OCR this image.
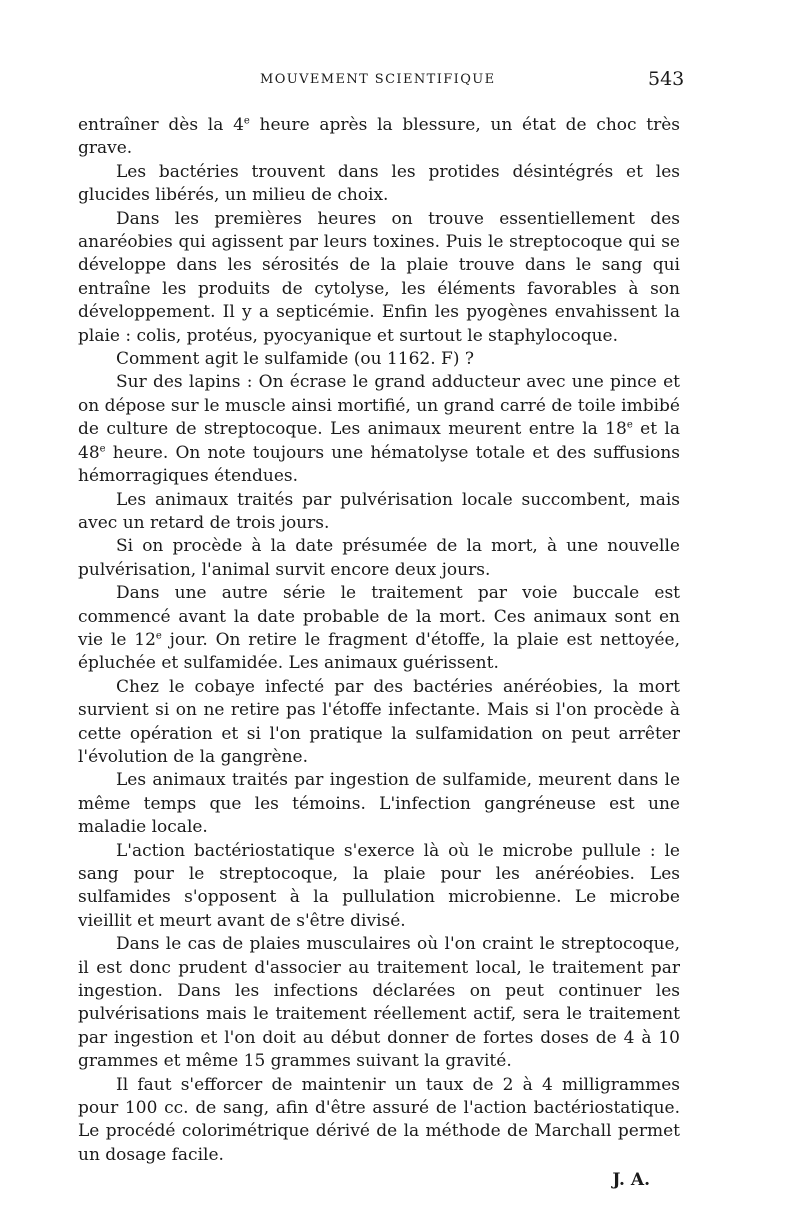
MOUVEMENT SCIENTIFIQUE	543

entraîner dès la 4e heure après la blessure, un état de choc très grave.

Les bactéries trouvent dans les protides désintégrés et les glucides libérés, un milieu de choix.

Dans les premières heures on trouve essentiellement des anaréobies qui agissent par leurs toxines. Puis le streptocoque qui se développe dans les sérosités de la plaie trouve dans le sang qui entraîne les produits de cytolyse, les éléments favorables à son développement. Il y a septicémie. Enfin les pyogènes envahissent la plaie : colis, protéus, pyocyanique et surtout le staphylocoque.

Comment agit le sulfamide (ou 1162. F) ?

Sur des lapins : On écrase le grand adducteur avec une pince et on dépose sur le muscle ainsi mortifié, un grand carré de toile imbibé de culture de streptocoque. Les animaux meurent entre la 18e et la 48e heure. On note toujours une hématolyse totale et des suffusions hémorragiques étendues.

Les animaux traités par pulvérisation locale succombent, mais avec un retard de trois jours.

Si on procède à la date présumée de la mort, à une nouvelle pulvérisation, l'animal survit encore deux jours.

Dans une autre série le traitement par voie buccale est commencé avant la date probable de la mort. Ces animaux sont en vie le 12e jour. On retire le fragment d'étoffe, la plaie est nettoyée, épluchée et sulfamidée. Les animaux guérissent.

Chez le cobaye infecté par des bactéries anéréobies, la mort survient si on ne retire pas l'étoffe infectante. Mais si l'on procède à cette opération et si l'on pratique la sulfamidation on peut arrêter l'évolution de la gangrène.

Les animaux traités par ingestion de sulfamide, meurent dans le même temps que les témoins. L'infection gangréneuse est une maladie locale.

L'action bactériostatique s'exerce là où le microbe pullule : le sang pour le streptocoque, la plaie pour les anéréobies. Les sulfamides s'opposent à la pullulation microbienne. Le microbe vieillit et meurt avant de s'être divisé.

Dans le cas de plaies musculaires où l'on craint le streptocoque, il est donc prudent d'associer au traitement local, le traitement par ingestion. Dans les infections déclarées on peut continuer les pulvérisations mais le traitement réellement actif, sera le traitement par ingestion et l'on doit au début donner de fortes doses de 4 à 10 grammes et même 15 grammes suivant la gravité.

Il faut s'efforcer de maintenir un taux de 2 à 4 milligrammes pour 100 cc. de sang, afin d'être assuré de l'action bactériostatique. Le procédé colorimétrique dérivé de la méthode de Marchall permet un dosage facile.

J. A.
